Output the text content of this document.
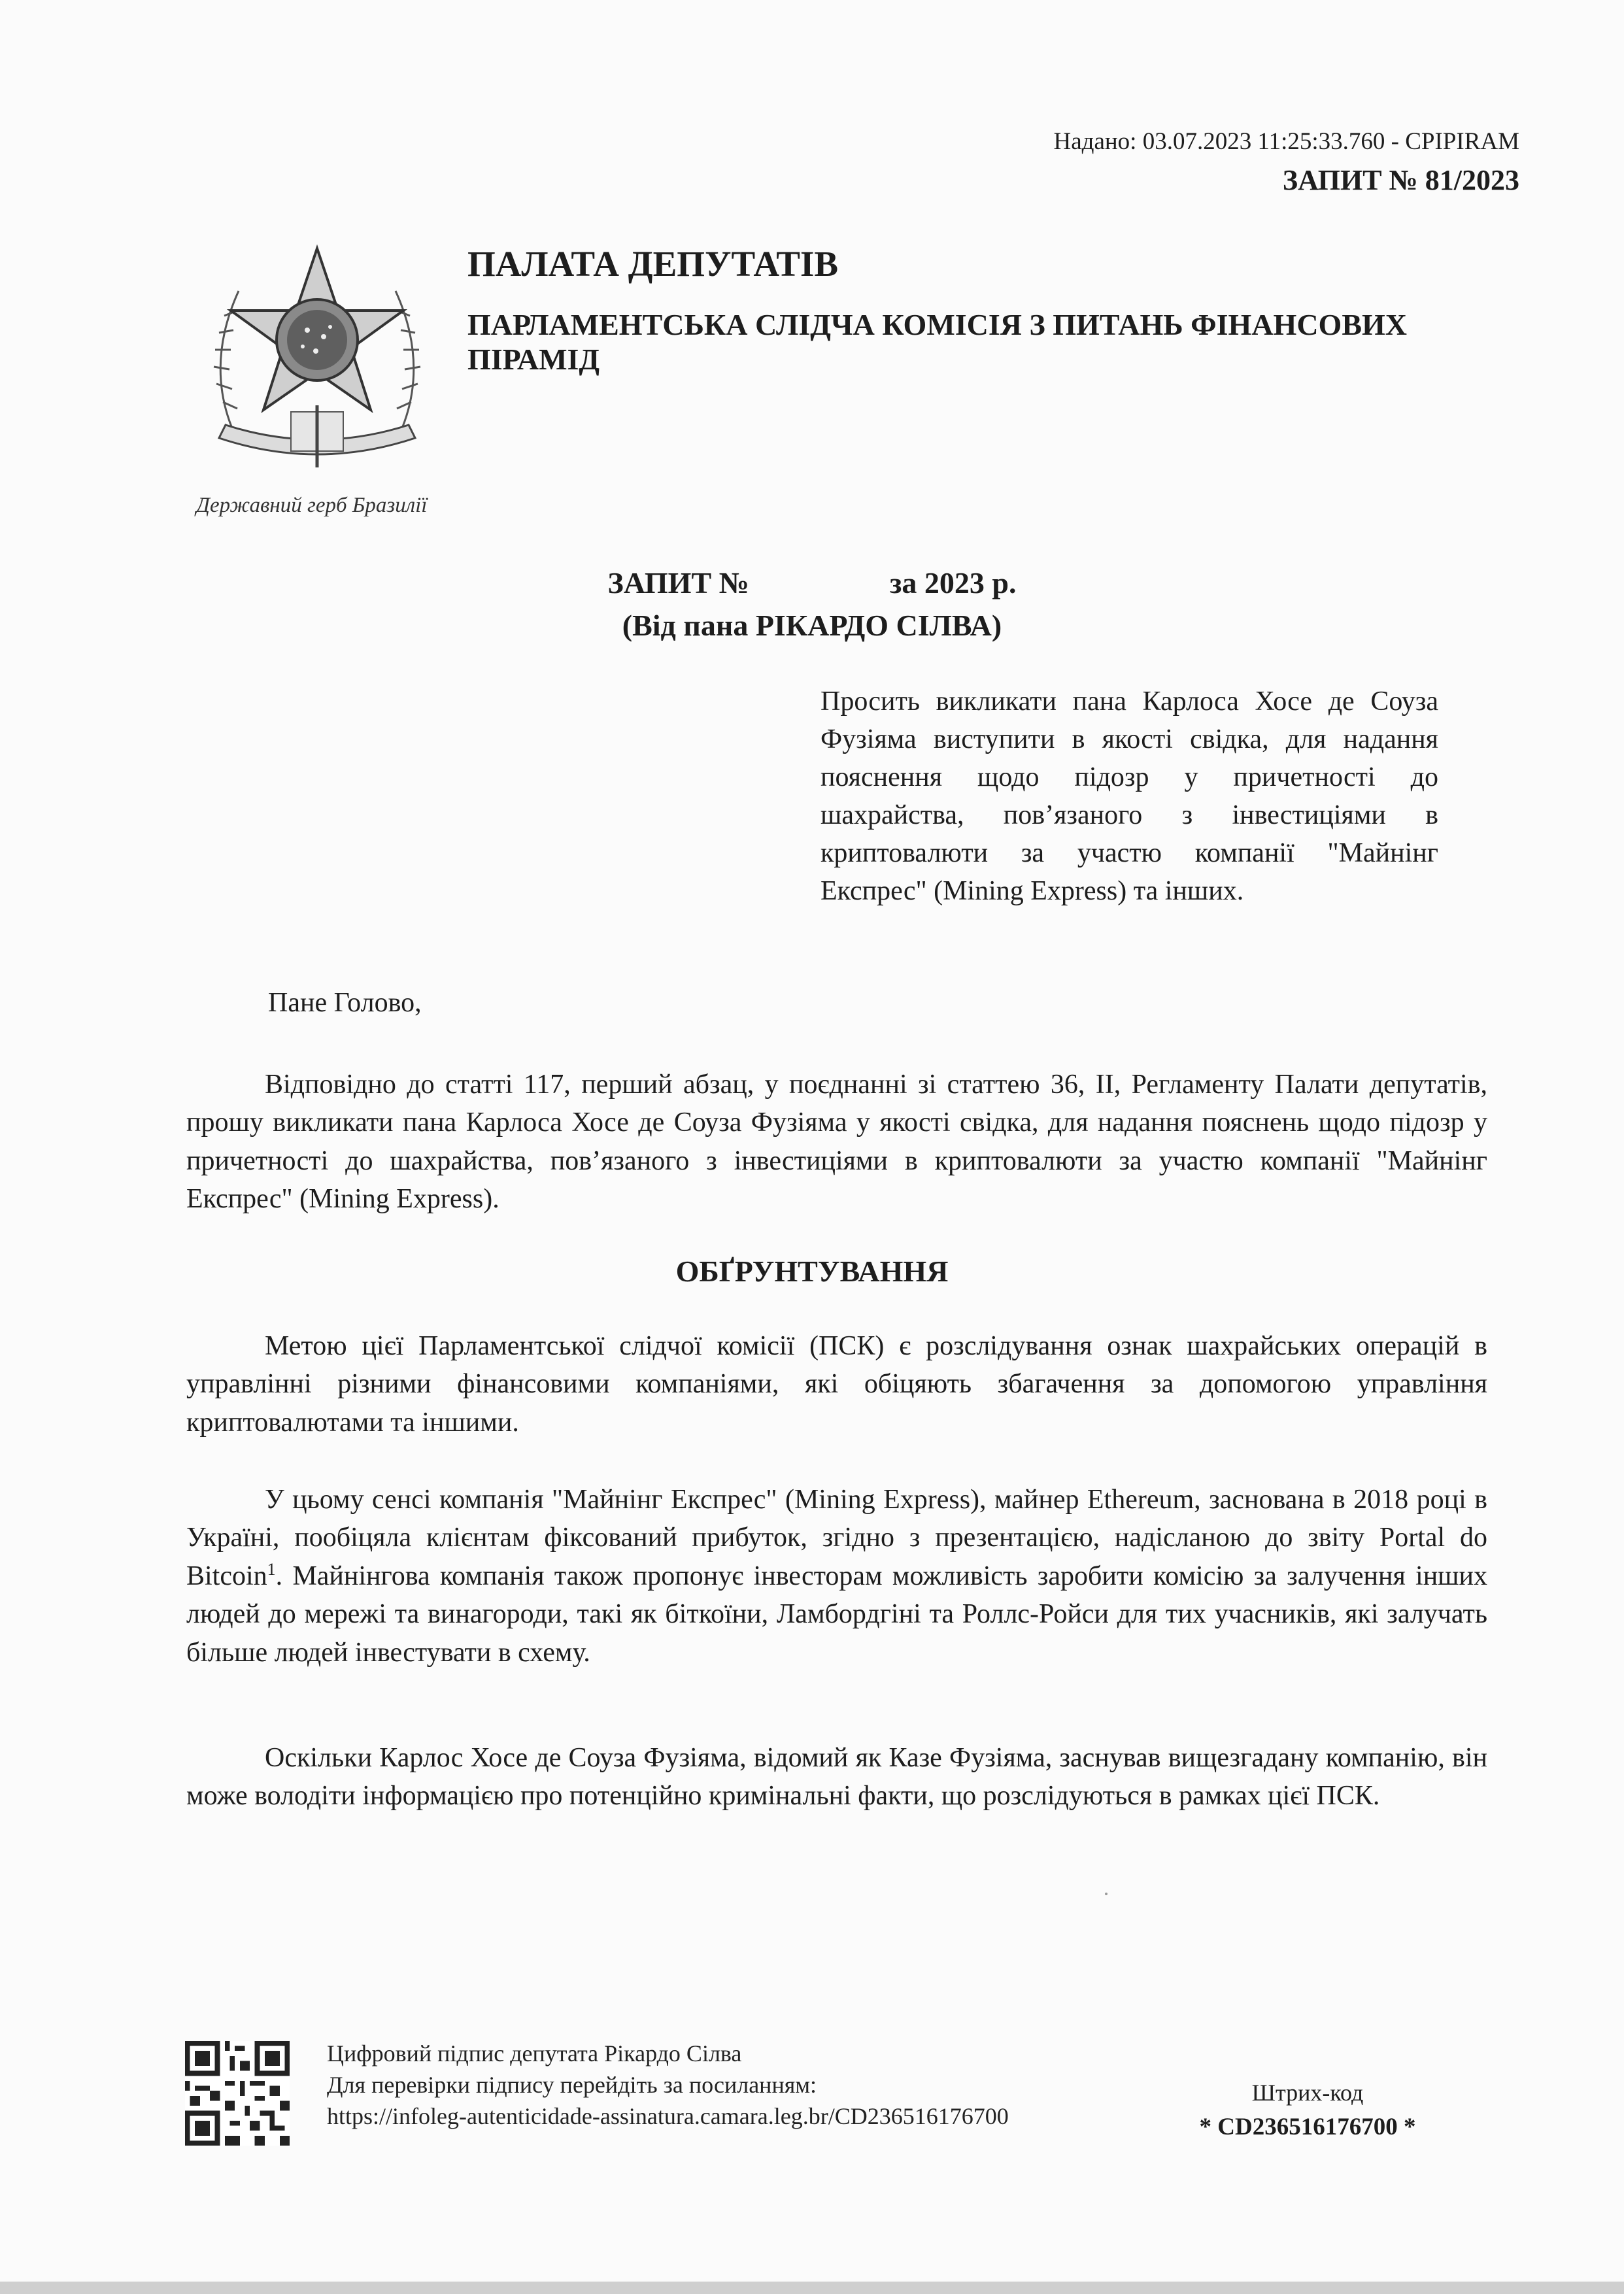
Надано: 03.07.2023 11:25:33.760 - CPIPIRAM
ЗАПИТ № 81/2023
Державний герб Бразилії
ПАЛАТА ДЕПУТАТІВ
ПАРЛАМЕНТСЬКА СЛІДЧА КОМІСІЯ З ПИТАНЬ ФІНАНСОВИХ ПІРАМІД
ЗАПИТ №	за 2023 р.
(Від пана РІКАРДО СІЛВА)
Просить викликати пана Карлоса Хосе де Соуза Фузіяма виступити в якості свідка, для надання пояснення щодо підозр у причетності до шахрайства, пов’язаного з інвестиціями в криптовалюти за участю компанії "Майнінг Експрес" (Mining Express) та інших.
Пане Голово,
Відповідно до статті 117, перший абзац, у поєднанні зі статтею 36, II, Регламенту Палати депутатів, прошу викликати пана Карлоса Хосе де Соуза Фузіяма у якості свідка, для надання пояснень щодо підозр у причетності до шахрайства, пов’язаного з інвестиціями в криптовалюти за участю компанії "Майнінг Експрес" (Mining Express).
ОБҐРУНТУВАННЯ
Метою цієї Парламентської слідчої комісії (ПСК) є розслідування ознак шахрайських операцій в управлінні різними фінансовими компаніями, які обіцяють збагачення за допомогою управління криптовалютами та іншими.
У цьому сенсі компанія "Майнінг Експрес" (Mining Express), майнер Ethereum, заснована в 2018 році в Україні, пообіцяла клієнтам фіксований прибуток, згідно з презентацією, надісланою до звіту Portal do Bitcoin$^1$. Майнінгова компанія також пропонує інвесторам можливість заробити комісію за залучення інших людей до мережі та винагороди, такі як біткоїни, Ламбордгіні та Роллс-Ройси для тих учасників, які залучать більше людей інвестувати в схему.
Оскільки Карлос Хосе де Соуза Фузіяма, відомий як Казе Фузіяма, заснував вищезгадану компанію, він може володіти інформацією про потенційно кримінальні факти, що розслідуються в рамках цієї ПСК.
Цифровий підпис депутата Рікардо Сілва
Для перевірки підпису перейдіть за посиланням:
https://infoleg-autenticidade-assinatura.camara.leg.br/CD236516176700
Штрих-код
* CD236516176700 *
